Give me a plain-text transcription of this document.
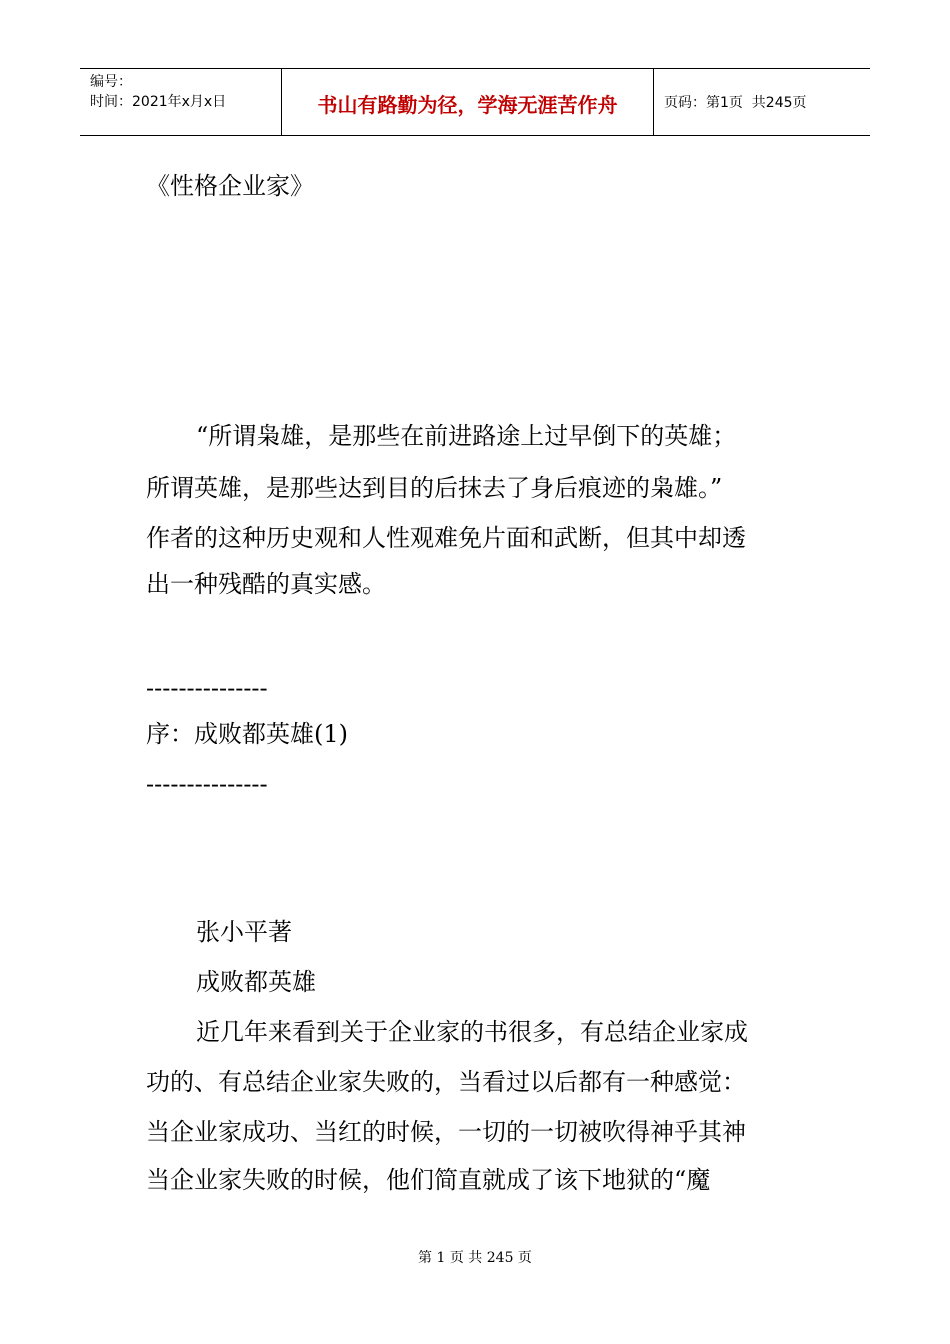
编号：
时间：2021年x月x日	书山有路勤为径，学海无涯苦作舟	页码：第1页  共245页
《性格企业家》
“所谓枭雄，是那些在前进路途上过早倒下的英雄；
所谓英雄，是那些达到目的后抹去了身后痕迹的枭雄。”
作者的这种历史观和人性观难免片面和武断，但其中却透
出一种残酷的真实感。
---------------
序：成败都英雄(1)
---------------
张小平著
成败都英雄
近几年来看到关于企业家的书很多，有总结企业家成
功的、有总结企业家失败的，当看过以后都有一种感觉：
当企业家成功、当红的时候，一切的一切被吹得神乎其神
当企业家失败的时候，他们简直就成了该下地狱的“魔
第 1 页 共 245 页
